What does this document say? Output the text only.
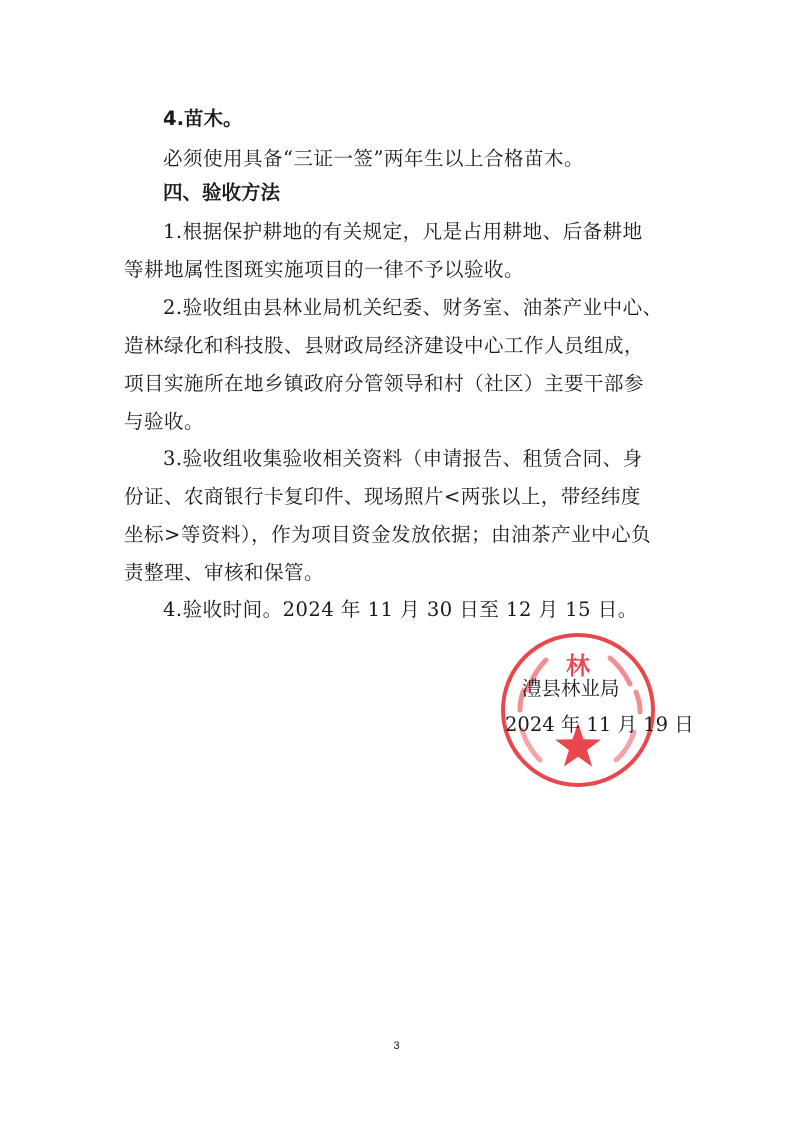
4.苗木。
必须使用具备“三证一签”两年生以上合格苗木。
四、验收方法
1.根据保护耕地的有关规定，凡是占用耕地、后备耕地
等耕地属性图斑实施项目的一律不予以验收。
2.验收组由县林业局机关纪委、财务室、油茶产业中心、
造林绿化和科技股、县财政局经济建设中心工作人员组成，
项目实施所在地乡镇政府分管领导和村（社区）主要干部参
与验收。
3.验收组收集验收相关资料（申请报告、租赁合同、身
份证、农商银行卡复印件、现场照片<两张以上，带经纬度
坐标>等资料），作为项目资金发放依据；由油茶产业中心负
责整理、审核和保管。
4.验收时间。2024 年 11 月 30 日至 12 月 15 日。
林
澧县林业局
2024 年 11 月 19 日
3
